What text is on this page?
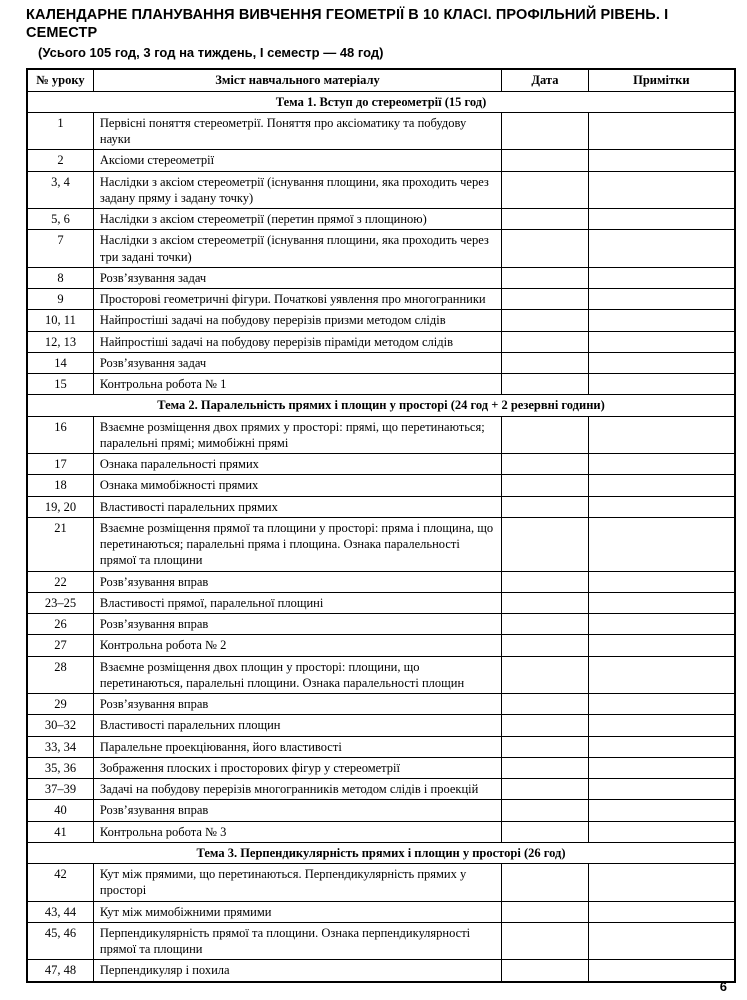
КАЛЕНДАРНЕ ПЛАНУВАННЯ ВИВЧЕННЯ ГЕОМЕТРІЇ В 10 КЛАСІ. ПРОФІЛЬНИЙ РІВЕНЬ. І СЕМЕСТР
(Усього 105 год, 3 год на тиждень, І семестр — 48 год)
№ уроку	Зміст навчального матеріалу	Дата	Примітки
Тема 1. Вступ до стереометрії (15 год)			
1	Первісні поняття стереометрії. Поняття про аксіоматику та побудову науки		
2	Аксіоми стереометрії		
3, 4	Наслідки з аксіом стереометрії (існування площини, яка проходить через задану пряму і задану точку)		
5, 6	Наслідки з аксіом стереометрії (перетин прямої з площиною)		
7	Наслідки з аксіом стереометрії (існування площини, яка проходить через три задані точки)		
8	Розв’язування задач		
9	Просторові геометричні фігури. Початкові уявлення про многогранники		
10, 11	Найпростіші задачі на побудову перерізів призми методом слідів		
12, 13	Найпростіші задачі на побудову перерізів піраміди методом слідів		
14	Розв’язування задач		
15	Контрольна робота № 1		
Тема 2. Паралельність прямих і площин у просторі (24 год + 2 резервні години)			
16	Взаємне розміщення двох прямих у просторі: прямі, що перетинаються; паралельні прямі; мимобіжні прямі		
17	Ознака паралельності прямих		
18	Ознака мимобіжності прямих		
19, 20	Властивості паралельних прямих		
21	Взаємне розміщення прямої та площини у просторі: пряма і площина, що перетинаються; паралельні пряма і площина. Ознака паралельності прямої та площини		
22	Розв’язування вправ		
23–25	Властивості прямої, паралельної площині		
26	Розв’язування вправ		
27	Контрольна робота № 2		
28	Взаємне розміщення двох площин у просторі: площини, що перетинаються, паралельні площини. Ознака паралельності площин		
29	Розв’язування вправ		
30–32	Властивості паралельних площин		
33, 34	Паралельне проекціювання, його властивості		
35, 36	Зображення плоских і просторових фігур у стереометрії		
37–39	Задачі на побудову перерізів многогранників методом слідів і проекцій		
40	Розв’язування вправ		
41	Контрольна робота № 3		
Тема 3. Перпендикулярність прямих і площин у просторі (26 год)			
42	Кут між прямими, що перетинаються. Перпендикулярність прямих у просторі		
43, 44	Кут між мимобіжними прямими		
45, 46	Перпендикулярність прямої та площини. Ознака перпендикулярності прямої та площини		
47, 48	Перпендикуляр і похила		
6
